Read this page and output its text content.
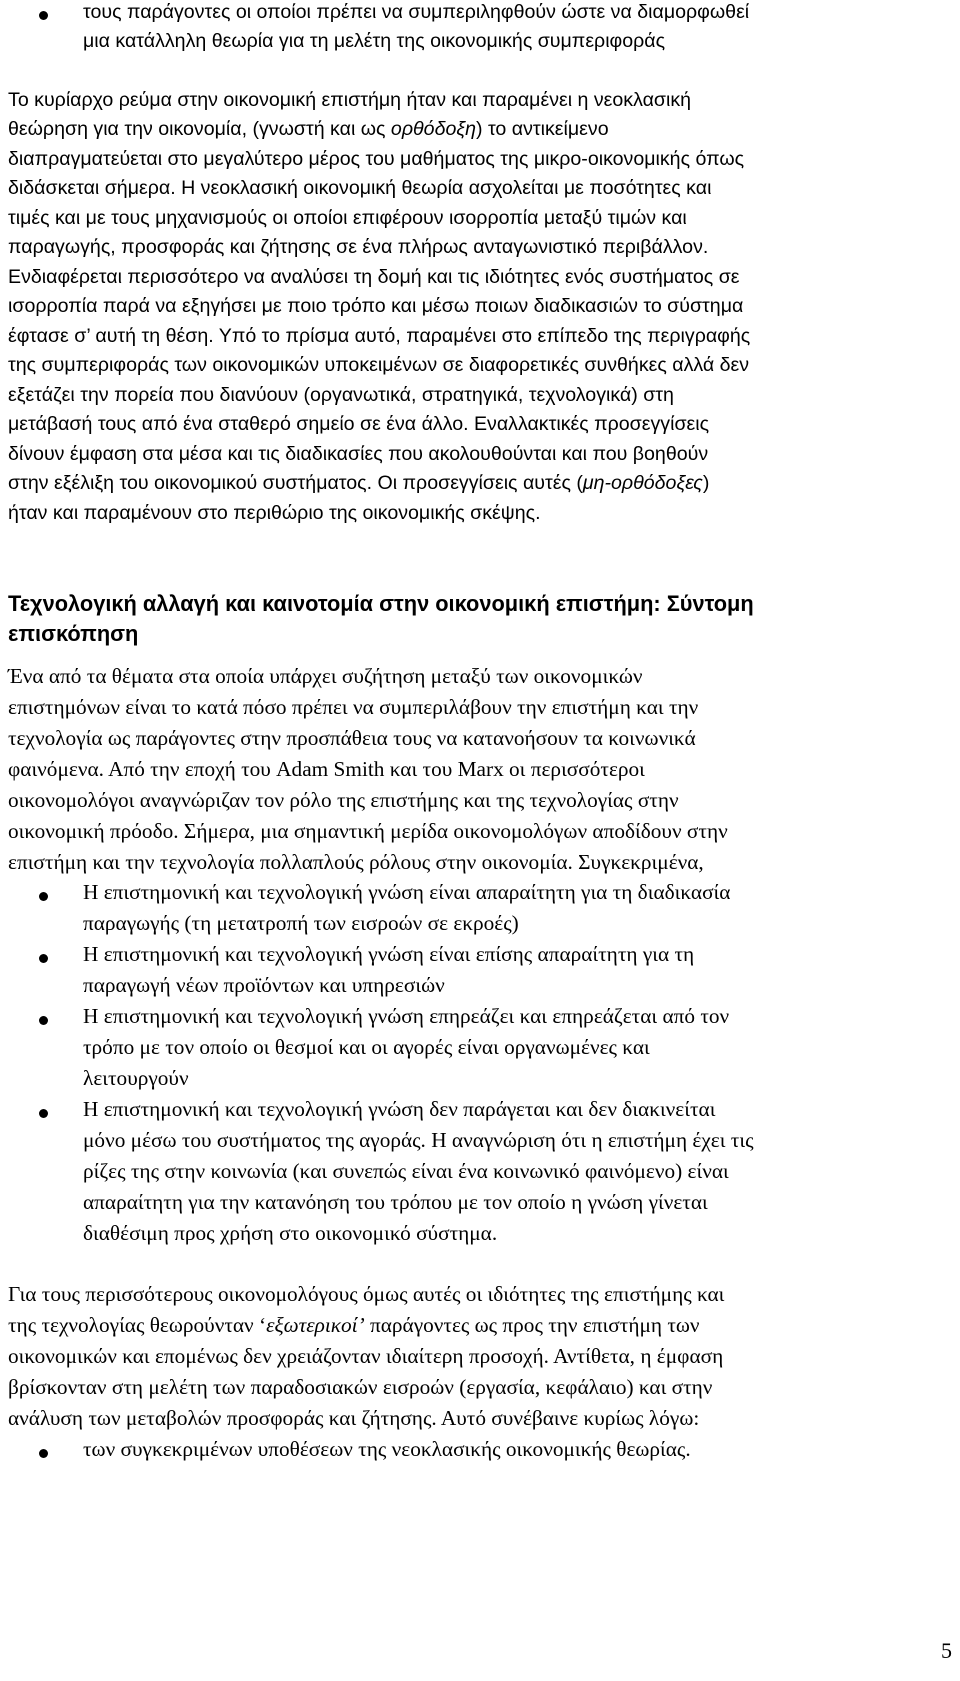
τους παράγοντες οι οποίοι πρέπει να συμπεριληφθούν ώστε να διαμορφωθεί
μια κατάλληλη θεωρία για τη μελέτη της οικονομικής συμπεριφοράς
Το κυρίαρχο ρεύμα στην οικονομική επιστήμη ήταν και παραμένει η νεοκλασική
θεώρηση για την οικονομία, (γνωστή και ως ορθόδοξη) το αντικείμενο
διαπραγματεύεται στο μεγαλύτερο μέρος του μαθήματος της μικρο-οικονομικής όπως
διδάσκεται σήμερα. Η νεοκλασική οικονομική θεωρία ασχολείται με ποσότητες και
τιμές και με τους μηχανισμούς οι οποίοι επιφέρουν ισορροπία μεταξύ τιμών και
παραγωγής, προσφοράς και ζήτησης σε ένα πλήρως ανταγωνιστικό περιβάλλον.
Ενδιαφέρεται περισσότερο να αναλύσει τη δομή και τις ιδιότητες ενός συστήματος σε
ισορροπία παρά να εξηγήσει με ποιο τρόπο και μέσω ποιων διαδικασιών το σύστημα
έφτασε σ’ αυτή τη θέση. Υπό το πρίσμα αυτό, παραμένει στο επίπεδο της περιγραφής
της συμπεριφοράς των οικονομικών υποκειμένων σε διαφορετικές συνθήκες αλλά δεν
εξετάζει την πορεία που διανύουν (οργανωτικά, στρατηγικά, τεχνολογικά) στη
μετάβασή τους από ένα σταθερό σημείο σε ένα άλλο. Εναλλακτικές προσεγγίσεις
δίνουν έμφαση στα μέσα και τις διαδικασίες που ακολουθούνται και που βοηθούν
στην εξέλιξη του οικονομικού συστήματος. Οι προσεγγίσεις αυτές (μη-ορθόδοξες)
ήταν και παραμένουν στο περιθώριο της οικονομικής σκέψης.
Τεχνολογική αλλαγή και καινοτομία στην οικονομική επιστήμη: Σύντομη
επισκόπηση
Ένα από τα θέματα στα οποία υπάρχει συζήτηση μεταξύ των οικονομικών
επιστημόνων είναι το κατά πόσο πρέπει να συμπεριλάβουν την επιστήμη και την
τεχνολογία ως παράγοντες στην προσπάθεια τους να κατανοήσουν τα κοινωνικά
φαινόμενα. Από την εποχή του Adam Smith και του Marx οι περισσότεροι
οικονομολόγοι αναγνώριζαν τον ρόλο της επιστήμης και της τεχνολογίας στην
οικονομική πρόοδο. Σήμερα, μια σημαντική μερίδα οικονομολόγων αποδίδουν στην
επιστήμη και την τεχνολογία πολλαπλούς ρόλους στην οικονομία. Συγκεκριμένα,
Η επιστημονική και τεχνολογική γνώση είναι απαραίτητη για τη διαδικασία
παραγωγής (τη μετατροπή των εισροών σε εκροές)
Η επιστημονική και τεχνολογική γνώση είναι επίσης απαραίτητη για τη
παραγωγή νέων προϊόντων και υπηρεσιών
Η επιστημονική και τεχνολογική γνώση επηρεάζει και επηρεάζεται από τον
τρόπο με τον οποίο οι θεσμοί και οι αγορές είναι οργανωμένες και
λειτουργούν
Η επιστημονική και τεχνολογική γνώση δεν παράγεται και δεν διακινείται
μόνο μέσω του συστήματος της αγοράς. Η αναγνώριση ότι η επιστήμη έχει τις
ρίζες της στην κοινωνία (και συνεπώς είναι ένα κοινωνικό φαινόμενο) είναι
απαραίτητη για την κατανόηση του τρόπου με τον οποίο η γνώση γίνεται
διαθέσιμη προς χρήση στο οικονομικό σύστημα.
Για τους περισσότερους οικονομολόγους όμως αυτές οι ιδιότητες της επιστήμης και
της τεχνολογίας θεωρούνταν ‘εξωτερικοί’ παράγοντες ως προς την επιστήμη των
οικονομικών και επομένως δεν χρειάζονταν ιδιαίτερη προσοχή. Αντίθετα, η έμφαση
βρίσκονταν στη μελέτη των παραδοσιακών εισροών (εργασία, κεφάλαιο) και στην
ανάλυση των μεταβολών προσφοράς και ζήτησης. Αυτό συνέβαινε κυρίως λόγω:
των συγκεκριμένων υποθέσεων της νεοκλασικής οικονομικής θεωρίας.
5
